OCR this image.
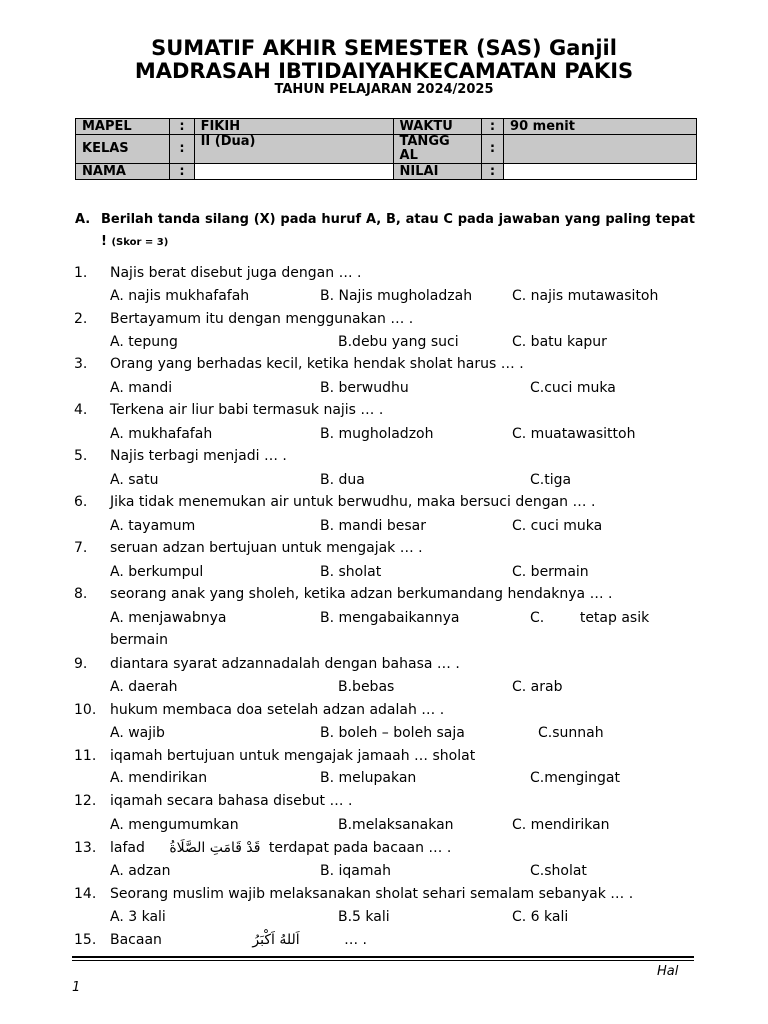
SUMATIF AKHIR SEMESTER (SAS) Ganjil
MADRASAH IBTIDAIYAHKECAMATAN PAKIS
TAHUN PELAJARAN 2024/2025
MAPEL	:	FIKIH	WAKTU	:	90 menit
KELAS	:	II (Dua)	TANGG AL	:	
NAMA	:		NILAI	:	
A. Berilah tanda silang (X) pada huruf A, B, atau C pada jawaban yang paling tepat ! (Skor = 3)
1. Najis berat disebut juga dengan … .
A. najis mukhafafah	B. Najis mugholadzah	C. najis mutawasitoh
2. Bertayamum itu dengan menggunakan … .
A. tepung	B.debu yang suci	C. batu kapur
3. Orang yang berhadas kecil, ketika hendak sholat harus … .
A. mandi	B. berwudhu	C.cuci muka
4. Terkena air liur babi termasuk najis … .
A. mukhafafah	B. mugholadzoh	C. muatawasittoh
5. Najis terbagi menjadi … .
A. satu	B. dua	C.tiga
6. Jika tidak menemukan air untuk berwudhu, maka bersuci dengan … .
A. tayamum	B. mandi besar	C. cuci muka
7. seruan adzan bertujuan untuk mengajak … .
A. berkumpul	B. sholat	C. bermain
8. seorang anak yang sholeh, ketika adzan berkumandang hendaknya … .
A. menjawabnya	B. mengabaikannya	C.        tetap asik
bermain
9. diantara syarat adzannadalah dengan bahasa … .
A. daerah	B.bebas	C. arab
10. hukum membaca doa setelah adzan adalah … .
A. wajib	B. boleh – boleh saja	C.sunnah
11. iqamah bertujuan untuk mengajak jamaah … sholat
A. mendirikan	B. melupakan	C.mengingat
12. iqamah secara bahasa disebut … .
A. mengumumkan	B.melaksanakan	C. mendirikan
13. lafad قَدْ قَامَتِ الصَّلَاةُ terdapat pada bacaan … .
A. adzan	B. iqamah	C.sholat
14. Seorang muslim wajib melaksanakan sholat sehari semalam sebanyak … .
A. 3 kali	B.5 kali	C. 6 kali
15. Bacaan	اَللهُ اَكْبَرُ	… .
Hal
1
